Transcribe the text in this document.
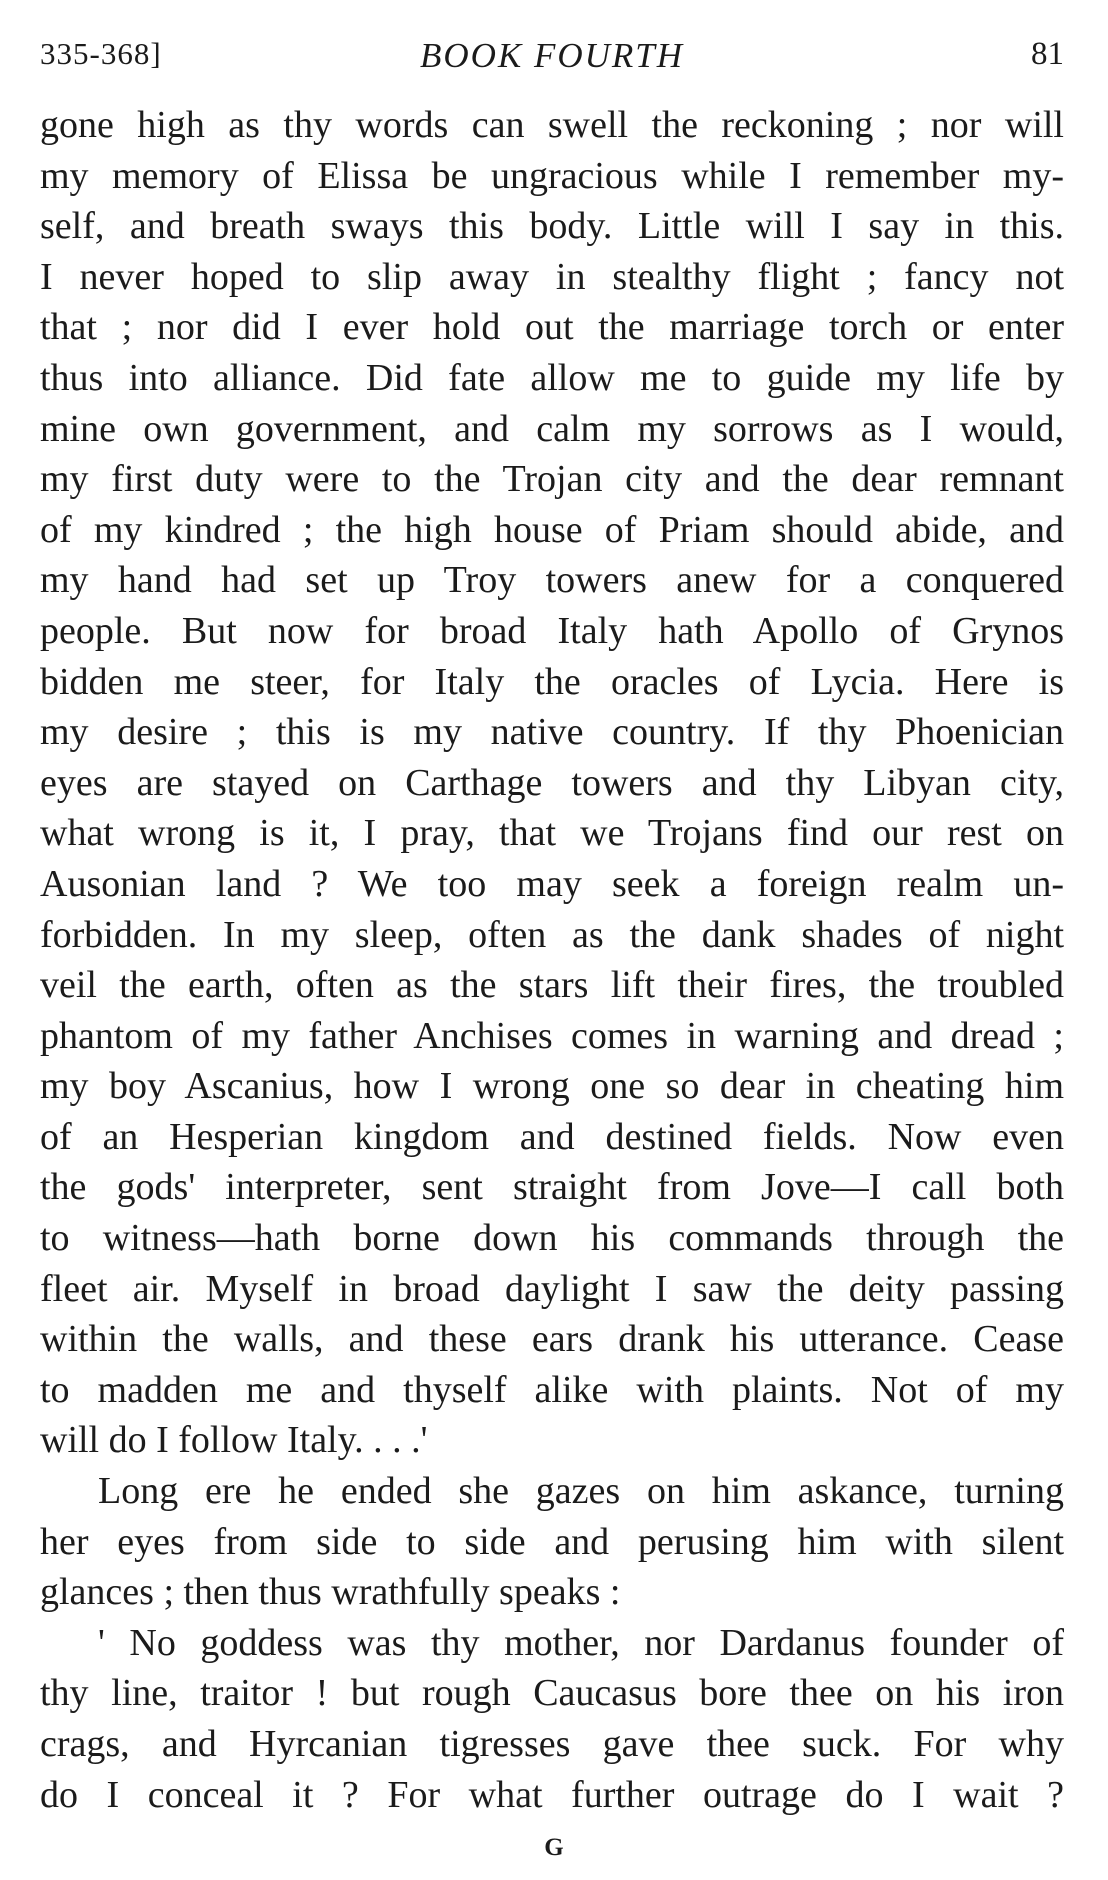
335-368]	BOOK FOURTH	81
gone high as thy words can swell the reckoning ; nor will
my memory of Elissa be ungracious while I remember my-
self, and breath sways this body. Little will I say in this.
I never hoped to slip away in stealthy flight ; fancy not
that ; nor did I ever hold out the marriage torch or enter
thus into alliance. Did fate allow me to guide my life by
mine own government, and calm my sorrows as I would,
my first duty were to the Trojan city and the dear remnant
of my kindred ; the high house of Priam should abide, and
my hand had set up Troy towers anew for a conquered
people. But now for broad Italy hath Apollo of Grynos
bidden me steer, for Italy the oracles of Lycia. Here is
my desire ; this is my native country. If thy Phoenician
eyes are stayed on Carthage towers and thy Libyan city,
what wrong is it, I pray, that we Trojans find our rest on
Ausonian land ? We too may seek a foreign realm un-
forbidden. In my sleep, often as the dank shades of night
veil the earth, often as the stars lift their fires, the troubled
phantom of my father Anchises comes in warning and dread ;
my boy Ascanius, how I wrong one so dear in cheating him
of an Hesperian kingdom and destined fields. Now even
the gods' interpreter, sent straight from Jove—I call both
to witness—hath borne down his commands through the
fleet air. Myself in broad daylight I saw the deity passing
within the walls, and these ears drank his utterance. Cease
to madden me and thyself alike with plaints. Not of my
will do I follow Italy. . . .'
Long ere he ended she gazes on him askance, turning
her eyes from side to side and perusing him with silent
glances ; then thus wrathfully speaks :
' No goddess was thy mother, nor Dardanus founder of
thy line, traitor ! but rough Caucasus bore thee on his iron
crags, and Hyrcanian tigresses gave thee suck. For why
do I conceal it ? For what further outrage do I wait ?
G
